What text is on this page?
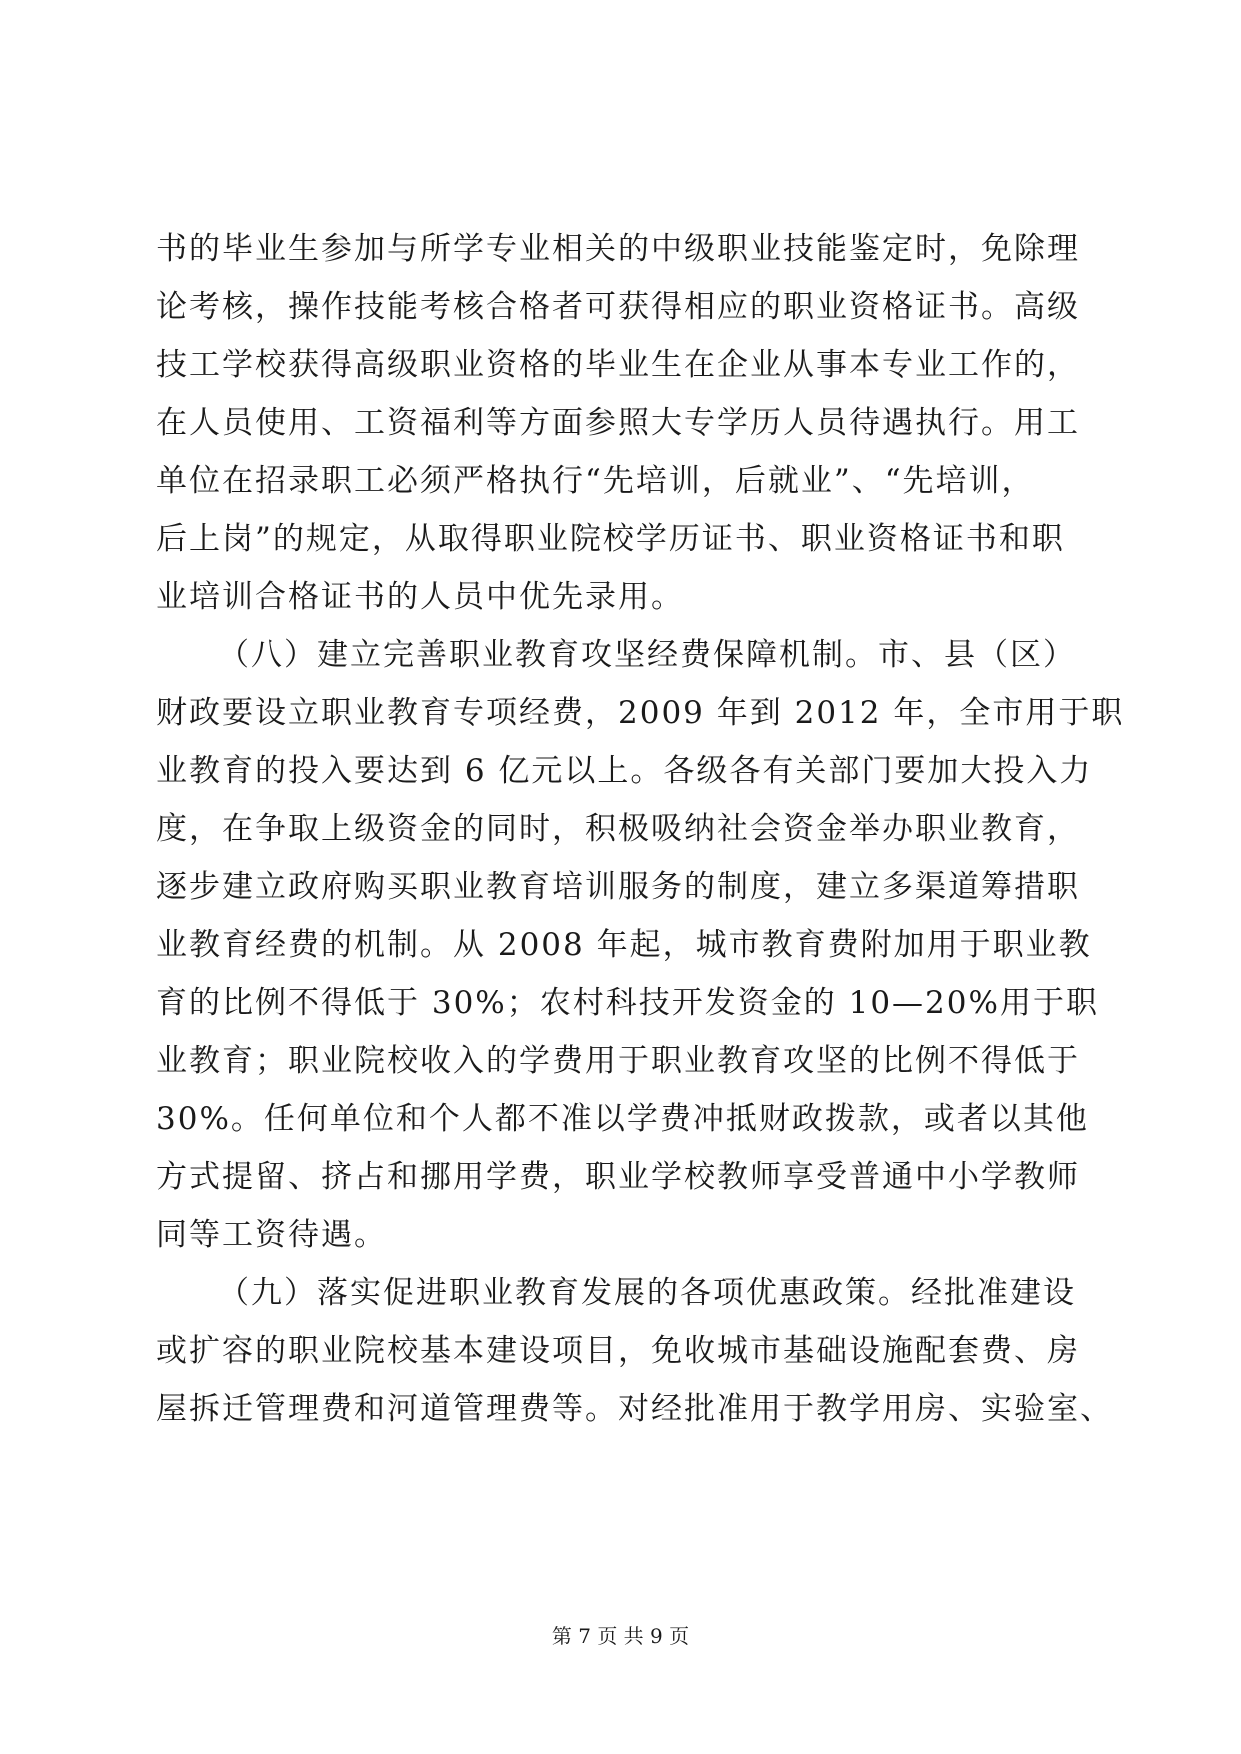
书的毕业生参加与所学专业相关的中级职业技能鉴定时，免除理
论考核，操作技能考核合格者可获得相应的职业资格证书。高级
技工学校获得高级职业资格的毕业生在企业从事本专业工作的，
在人员使用、工资福利等方面参照大专学历人员待遇执行。用工
单位在招录职工必须严格执行“先培训，后就业”、“先培训，
后上岗”的规定，从取得职业院校学历证书、职业资格证书和职
业培训合格证书的人员中优先录用。
（八）建立完善职业教育攻坚经费保障机制。市、县（区）
财政要设立职业教育专项经费，2009 年到 2012 年，全市用于职
业教育的投入要达到 6 亿元以上。各级各有关部门要加大投入力
度，在争取上级资金的同时，积极吸纳社会资金举办职业教育，
逐步建立政府购买职业教育培训服务的制度，建立多渠道筹措职
业教育经费的机制。从 2008 年起，城市教育费附加用于职业教
育的比例不得低于 30%；农村科技开发资金的 10—20%用于职
业教育；职业院校收入的学费用于职业教育攻坚的比例不得低于
30%。任何单位和个人都不准以学费冲抵财政拨款，或者以其他
方式提留、挤占和挪用学费，职业学校教师享受普通中小学教师
同等工资待遇。
（九）落实促进职业教育发展的各项优惠政策。经批准建设
或扩容的职业院校基本建设项目，免收城市基础设施配套费、房
屋拆迁管理费和河道管理费等。对经批准用于教学用房、实验室、
第 7 页 共 9 页
